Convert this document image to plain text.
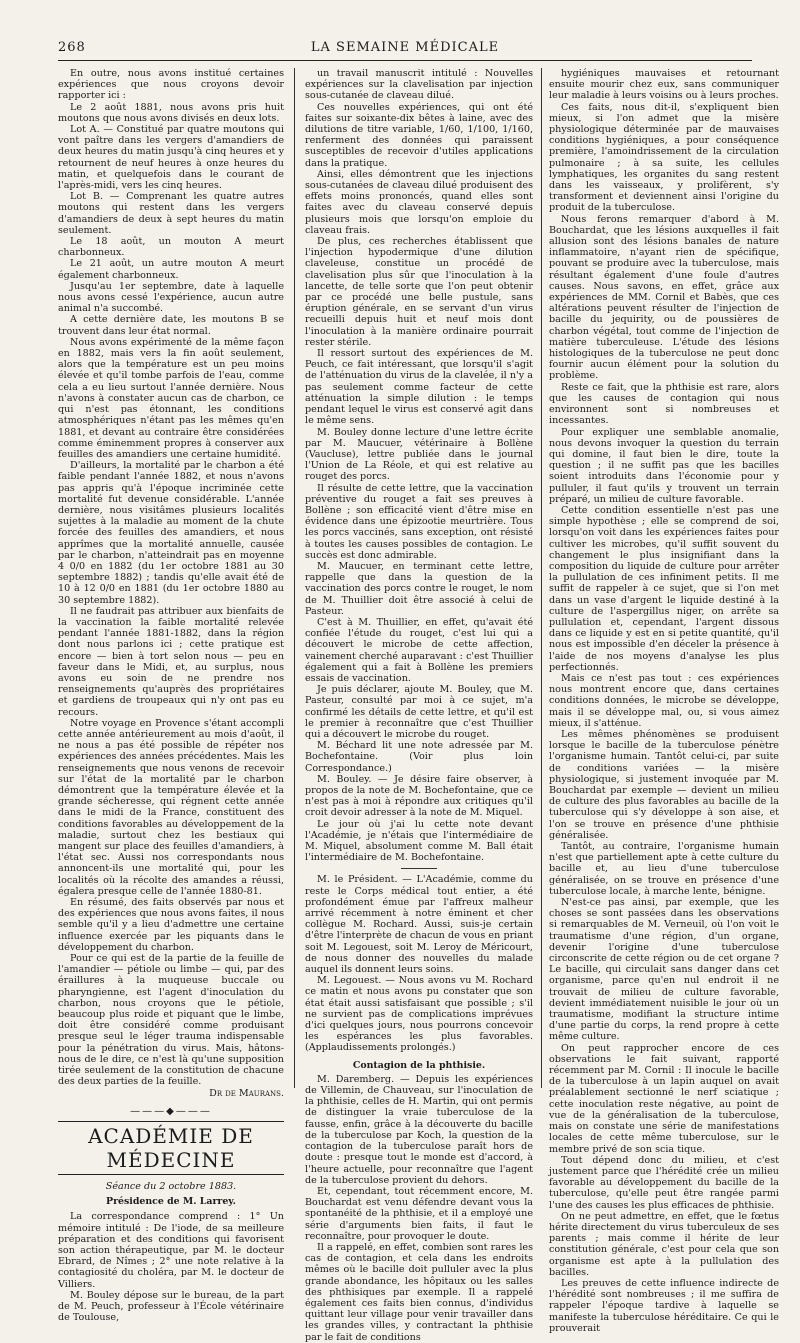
268	LA SEMAINE MÉDICALE

En outre, nous avons institué certaines expériences que nous croyons devoir rapporter ici :

Le 2 août 1881, nous avons pris huit moutons que nous avons divisés en deux lots.

Lot A. — Constitué par quatre moutons qui vont paître dans les vergers d'amandiers de deux heures du matin jusqu'à cinq heures et y retournent de neuf heures à onze heures du matin, et quelquefois dans le courant de l'après-midi, vers les cinq heures.

Lot B. — Comprenant les quatre autres moutons qui restent dans les vergers d'amandiers de deux à sept heures du matin seulement.

Le 18 août, un mouton A meurt charbonneux.

Le 21 août, un autre mouton A meurt également charbonneux.

Jusqu'au 1er septembre, date à laquelle nous avons cessé l'expérience, aucun autre animal n'a succombé.

A cette dernière date, les moutons B se trouvent dans leur état normal.

Nous avons expérimenté de la même façon en 1882, mais vers la fin août seulement, alors que la température est un peu moins élevée et qu'il tombe parfois de l'eau, comme cela a eu lieu surtout l'année dernière. Nous n'avons à constater aucun cas de charbon, ce qui n'est pas étonnant, les conditions atmosphériques n'étant pas les mêmes qu'en 1881, et devant au contraire être considérées comme éminemment propres à conserver aux feuilles des amandiers une certaine humidité.

D'ailleurs, la mortalité par le charbon a été faible pendant l'année 1882, et nous n'avons pas appris qu'à l'époque incriminée cette mortalité fut devenue considérable. L'année dernière, nous visitâmes plusieurs localités sujettes à la maladie au moment de la chute forcée des feuilles des amandiers, et nous apprîmes que la mortalité annuelle, causée par le charbon, n'atteindrait pas en moyenne 4 0/0 en 1882 (du 1er octobre 1881 au 30 septembre 1882) ; tandis qu'elle avait été de 10 à 12 0/0 en 1881 (du 1er octobre 1880 au 30 septembre 1882).

Il ne faudrait pas attribuer aux bienfaits de la vaccination la faible mortalité relevée pendant l'année 1881-1882, dans la région dont nous parlons ici ; cette pratique est encore — bien à tort selon nous — peu en faveur dans le Midi, et, au surplus, nous avons eu soin de ne prendre nos renseignements qu'auprès des propriétaires et gardiens de troupeaux qui n'y ont pas eu recours.

Notre voyage en Provence s'étant accompli cette année antérieurement au mois d'août, il ne nous a pas été possible de répéter nos expériences des années précédentes. Mais les renseignements que nous venons de recevoir sur l'état de la mortalité par le charbon démontrent que la température élevée et la grande sécheresse, qui régnent cette année dans le midi de la France, constituent des conditions favorables au développement de la maladie, surtout chez les bestiaux qui mangent sur place des feuilles d'amandiers, à l'état sec. Aussi nos correspondants nous annoncent-ils une mortalité qui, pour les localités où la récolte des amandes a réussi, égalera presque celle de l'année 1880-81.

En résumé, des faits observés par nous et des expériences que nous avons faites, il nous semble qu'il y a lieu d'admettre une certaine influence exercée par les piquants dans le développement du charbon.

Pour ce qui est de la partie de la feuille de l'amandier — pétiole ou limbe — qui, par des éraillures à la muqueuse buccale ou pharyngienne, est l'agent d'inoculation du charbon, nous croyons que le pétiole, beaucoup plus roide et piquant que le limbe, doit être considéré comme produisant presque seul le léger trauma indispensable pour la pénétration du virus. Mais, hâtons-nous de le dire, ce n'est là qu'une supposition tirée seulement de la constitution de chacune des deux parties de la feuille.

Dr de Maurans.
———◆———
ACADÉMIE DE MÉDECINE
Séance du 2 octobre 1883.
Présidence de M. Larrey.

La correspondance comprend : 1° Un mémoire intitulé : De l'iode, de sa meilleure préparation et des conditions qui favorisent son action thérapeutique, par M. le docteur Ebrard, de Nîmes ; 2° une note relative à la contagiosité du choléra, par M. le docteur de Villiers.

M. Bouley dépose sur le bureau, de la part de M. Peuch, professeur à l'École vétérinaire de Toulouse,

un travail manuscrit intitulé : Nouvelles expériences sur la clavelisation par injection sous-cutanée de claveau dilué.

Ces nouvelles expériences, qui ont été faites sur soixante-dix bêtes à laine, avec des dilutions de titre variable, 1/60, 1/100, 1/160, renferment des données qui paraissent susceptibles de recevoir d'utiles applications dans la pratique.

Ainsi, elles démontrent que les injections sous-cutanées de claveau dilué produisent des effets moins prononcés, quand elles sont faites avec du claveau conservé depuis plusieurs mois que lorsqu'on emploie du claveau frais.

De plus, ces recherches établissent que l'injection hypodermique d'une dilution claveleuse, constitue un procédé de clavelisation plus sûr que l'inoculation à la lancette, de telle sorte que l'on peut obtenir par ce procédé une belle pustule, sans éruption générale, en se servant d'un virus recueilli depuis huit et neuf mois dont l'inoculation à la manière ordinaire pourrait rester stérile.

Il ressort surtout des expériences de M. Peuch, ce fait intéressant, que lorsqu'il s'agit de l'atténuation du virus de la clavelée, il n'y a pas seulement comme facteur de cette atténuation la simple dilution : le temps pendant lequel le virus est conservé agit dans le même sens.

M. Bouley donne lecture d'une lettre écrite par M. Maucuer, vétérinaire à Bollène (Vaucluse), lettre publiée dans le journal l'Union de La Réole, et qui est relative au rouget des porcs.

Il résulte de cette lettre, que la vaccination préventive du rouget a fait ses preuves à Bollène ; son efficacité vient d'être mise en évidence dans une épizootie meurtrière. Tous les porcs vaccinés, sans exception, ont résisté à toutes les causes possibles de contagion. Le succès est donc admirable.

M. Maucuer, en terminant cette lettre, rappelle que dans la question de la vaccination des porcs contre le rouget, le nom de M. Thuillier doit être associé à celui de Pasteur.

C'est à M. Thuillier, en effet, qu'avait été confiée l'étude du rouget, c'est lui qui a découvert le microbe de cette affection, vainement cherché auparavant : c'est Thuillier également qui a fait à Bollène les premiers essais de vaccination.

Je puis déclarer, ajoute M. Bouley, que M. Pasteur, consulté par moi à ce sujet, m'a confirmé les détails de cette lettre, et qu'il est le premier à reconnaître que c'est Thuillier qui a découvert le microbe du rouget.

M. Béchard lit une note adressée par M. Bochefontaine. (Voir plus loin Correspondance.)

M. Bouley. — Je désire faire observer, à propos de la note de M. Bochefontaine, que ce n'est pas à moi à répondre aux critiques qu'il croit devoir adresser à la note de M. Miquel.

Le jour où j'ai lu cette note devant l'Académie, je n'étais que l'intermédiaire de M. Miquel, absolument comme M. Ball était l'intermédiaire de M. Bochefontaine.

M. le Président. — L'Académie, comme du reste le Corps médical tout entier, a été profondément émue par l'affreux malheur arrivé récemment à notre éminent et cher collègue M. Rochard. Aussi, suis-je certain d'être l'interprète de chacun de vous en priant soit M. Legouest, soit M. Leroy de Méricourt, de nous donner des nouvelles du malade auquel ils donnent leurs soins.

M. Legouest. — Nous avons vu M. Rochard ce matin et nous avons pu constater que son état était aussi satisfaisant que possible ; s'il ne survient pas de complications imprévues d'ici quelques jours, nous pourrons concevoir les espérances les plus favorables. (Applaudissements prolongés.)

Contagion de la phthisie.

M. Daremberg. — Depuis les expériences de Villemin, de Chauveau, sur l'inoculation de la phthisie, celles de H. Martin, qui ont permis de distinguer la vraie tuberculose de la fausse, enfin, grâce à la découverte du bacille de la tuberculose par Koch, la question de la contagion de la tuberculose paraît hors de doute : presque tout le monde est d'accord, à l'heure actuelle, pour reconnaître que l'agent de la tuberculose provient du dehors.

Et, cependant, tout récemment encore, M. Bouchardat est venu défendre devant vous la spontanéité de la phthisie, et il a employé une série d'arguments bien faits, il faut le reconnaître, pour provoquer le doute.

Il a rappelé, en effet, combien sont rares les cas de contagion, et cela dans les endroits mêmes où le bacille doit pulluler avec la plus grande abondance, les hôpitaux ou les salles des phthisiques par exemple. Il a rappelé également ces faits bien connus, d'individus quittant leur village pour venir travailler dans les grandes villes, y contractant la phthisie par le fait de conditions

hygiéniques mauvaises et retournant ensuite mourir chez eux, sans communiquer leur maladie à leurs voisins ou à leurs proches.

Ces faits, nous dit-il, s'expliquent bien mieux, si l'on admet que la misère physiologique déterminée par de mauvaises conditions hygiéniques, a pour conséquence première, l'amoindrissement de la circulation pulmonaire ; à sa suite, les cellules lymphatiques, les organites du sang restent dans les vaisseaux, y prolifèrent, s'y transforment et deviennent ainsi l'origine du produit de la tuberculose.

Nous ferons remarquer d'abord à M. Bouchardat, que les lésions auxquelles il fait allusion sont des lésions banales de nature inflammatoire, n'ayant rien de spécifique, pouvant se produire avec la tuberculose, mais résultant également d'une foule d'autres causes. Nous savons, en effet, grâce aux expériences de MM. Cornil et Babès, que ces altérations peuvent résulter de l'injection de bacille du jequirity, ou de poussières de charbon végétal, tout comme de l'injection de matière tuberculeuse. L'étude des lésions histologiques de la tuberculose ne peut donc fournir aucun élément pour la solution du problème.

Reste ce fait, que la phthisie est rare, alors que les causes de contagion qui nous environnent sont si nombreuses et incessantes.

Pour expliquer une semblable anomalie, nous devons invoquer la question du terrain qui domine, il faut bien le dire, toute la question ; il ne suffit pas que les bacilles soient introduits dans l'économie pour y pulluler, il faut qu'ils y trouvent un terrain préparé, un milieu de culture favorable.

Cette condition essentielle n'est pas une simple hypothèse ; elle se comprend de soi, lorsqu'on voit dans les expériences faites pour cultiver les microbes, qu'il suffit souvent du changement le plus insignifiant dans la composition du liquide de culture pour arrêter la pullulation de ces infiniment petits. Il me suffit de rappeler à ce sujet, que si l'on met dans un vase d'argent le liquide destiné à la culture de l'aspergillus niger, on arrête sa pullulation et, cependant, l'argent dissous dans ce liquide y est en si petite quantité, qu'il nous est impossible d'en déceler la présence à l'aide de nos moyens d'analyse les plus perfectionnés.

Mais ce n'est pas tout : ces expériences nous montrent encore que, dans certaines conditions données, le microbe se développe, mais il se développe mal, ou, si vous aimez mieux, il s'atténue.

Les mêmes phénomènes se produisent lorsque le bacille de la tuberculose pénètre l'organisme humain. Tantôt celui-ci, par suite de conditions variées — la misère physiologique, si justement invoquée par M. Bouchardat par exemple — devient un milieu de culture des plus favorables au bacille de la tuberculose qui s'y développe à son aise, et l'on se trouve en présence d'une phthisie généralisée.

Tantôt, au contraire, l'organisme humain n'est que partiellement apte à cette culture du bacille et, au lieu d'une tuberculose généralisée, on se trouve en présence d'une tuberculose locale, à marche lente, bénigne.

N'est-ce pas ainsi, par exemple, que les choses se sont passées dans les observations si remarquables de M. Verneuil, où l'on voit le traumatisme d'une région, d'un organe, devenir l'origine d'une tuberculose circonscrite de cette région ou de cet organe ? Le bacille, qui circulait sans danger dans cet organisme, parce qu'en nul endroit il ne trouvait de milieu de culture favorable, devient immédiatement nuisible le jour où un traumatisme, modifiant la structure intime d'une partie du corps, la rend propre à cette même culture.

On peut rapprocher encore de ces observations le fait suivant, rapporté récemment par M. Cornil : Il inocule le bacille de la tuberculose à un lapin auquel on avait préalablement sectionné le nerf sciatique ; cette inoculation reste négative, au point de vue de la généralisation de la tuberculose, mais on constate une série de manifestations locales de cette même tuberculose, sur le membre privé de son scia tique.

Tout dépend donc du milieu, et c'est justement parce que l'hérédité crée un milieu favorable au développement du bacille de la tuberculose, qu'elle peut être rangée parmi l'une des causes les plus efficaces de phthisie.

On ne peut admettre, en effet, que le fœtus hérite directement du virus tuberculeux de ses parents ; mais comme il hérite de leur constitution générale, c'est pour cela que son organisme est apte à la pullulation des bacilles.

Les preuves de cette influence indirecte de l'hérédité sont nombreuses ; il me suffira de rappeler l'époque tardive à laquelle se manifeste la tuberculose héréditaire. Ce qui le prouverait
